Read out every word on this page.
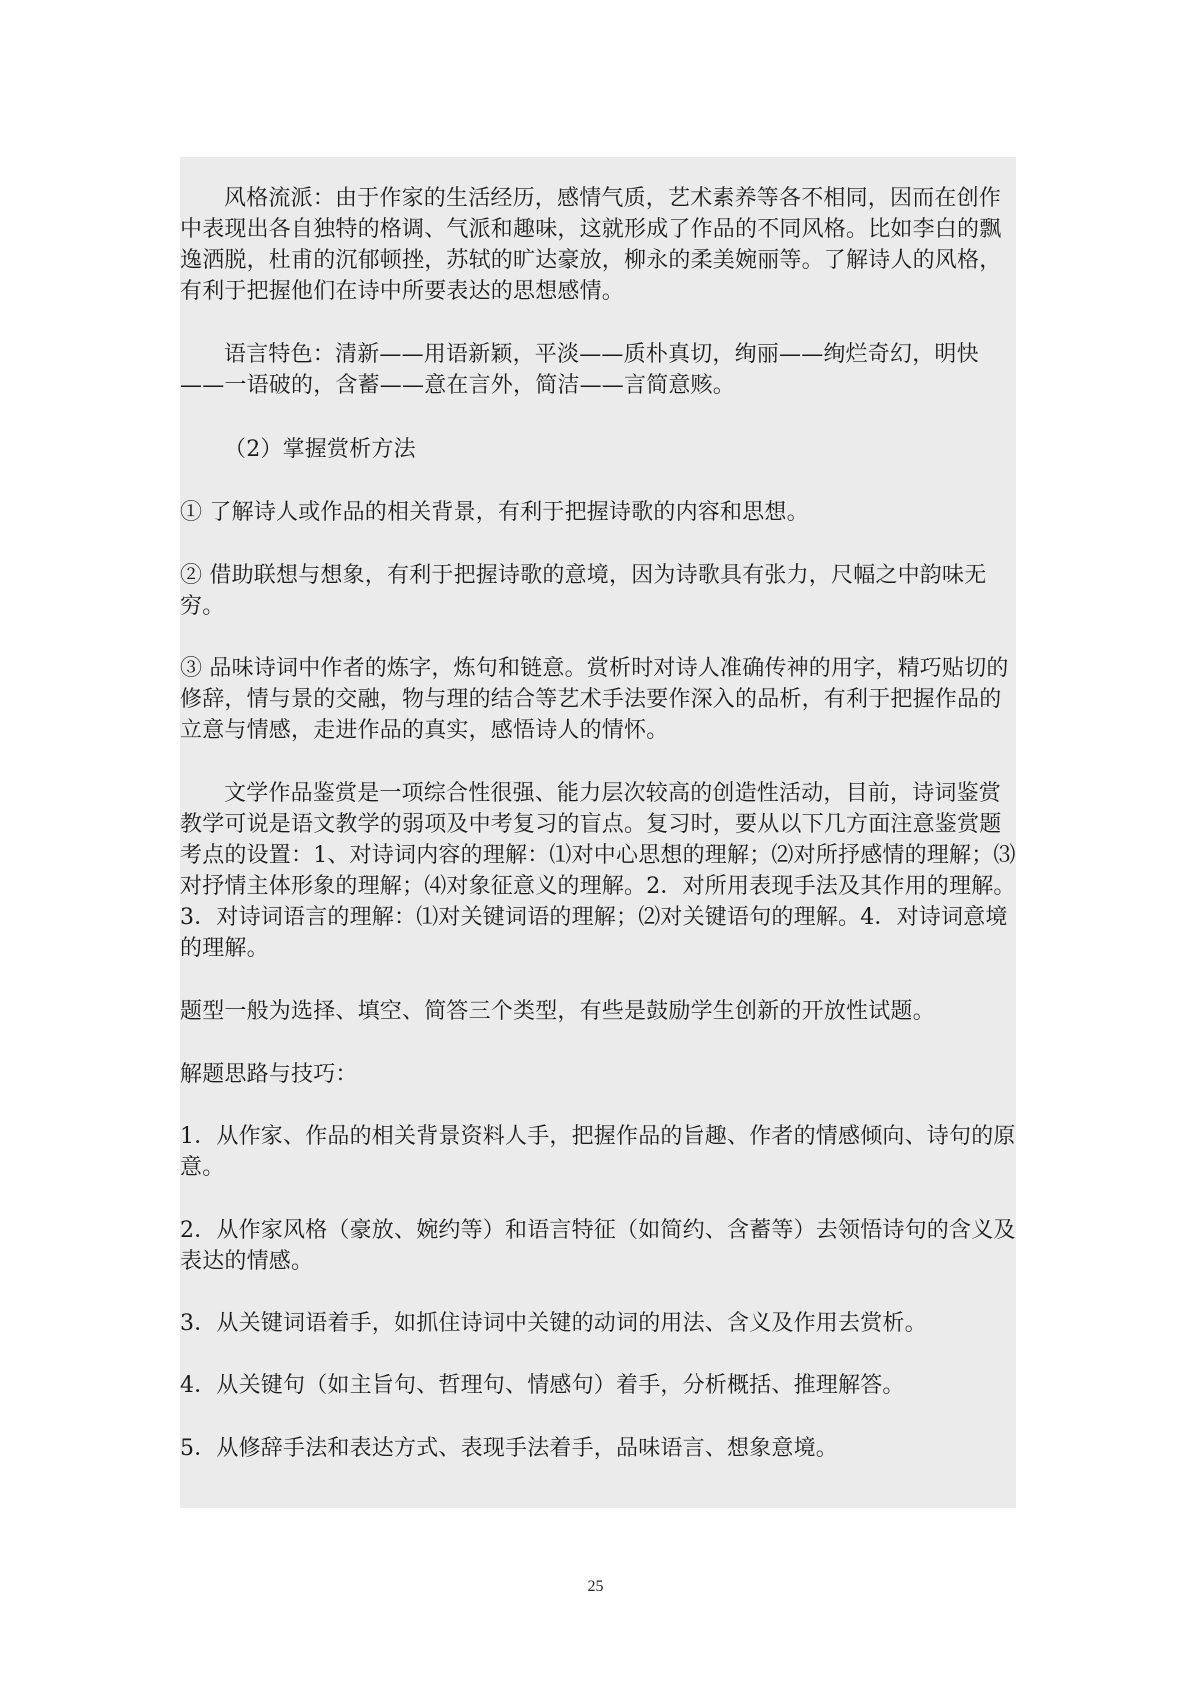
风格流派：由于作家的生活经历，感情气质，艺术素养等各不相同，因而在创作中表现出各自独特的格调、气派和趣味，这就形成了作品的不同风格。比如李白的飘逸洒脱，杜甫的沉郁顿挫，苏轼的旷达豪放，柳永的柔美婉丽等。了解诗人的风格，有利于把握他们在诗中所要表达的思想感情。

语言特色：清新——用语新颖，平淡——质朴真切，绚丽——绚烂奇幻，明快——一语破的，含蓄——意在言外，简洁——言简意赅。

（2）掌握赏析方法

① 了解诗人或作品的相关背景，有利于把握诗歌的内容和思想。

② 借助联想与想象，有利于把握诗歌的意境，因为诗歌具有张力，尺幅之中韵味无穷。

③ 品味诗词中作者的炼字，炼句和链意。赏析时对诗人准确传神的用字，精巧贴切的修辞，情与景的交融，物与理的结合等艺术手法要作深入的品析，有利于把握作品的立意与情感，走进作品的真实，感悟诗人的情怀。

文学作品鉴赏是一项综合性很强、能力层次较高的创造性活动，目前，诗词鉴赏教学可说是语文教学的弱项及中考复习的盲点。复习时，要从以下几方面注意鉴赏题考点的设置：1、对诗词内容的理解：⑴对中心思想的理解；⑵对所抒感情的理解；⑶对抒情主体形象的理解；⑷对象征意义的理解。2．对所用表现手法及其作用的理解。3．对诗词语言的理解：⑴对关键词语的理解；⑵对关键语句的理解。4．对诗词意境的理解。

题型一般为选择、填空、简答三个类型，有些是鼓励学生创新的开放性试题。

解题思路与技巧：

1．从作家、作品的相关背景资料人手，把握作品的旨趣、作者的情感倾向、诗句的原意。

2．从作家风格（豪放、婉约等）和语言特征（如简约、含蓄等）去领悟诗句的含义及表达的情感。

3．从关键词语着手，如抓住诗词中关键的动词的用法、含义及作用去赏析。

4．从关键句（如主旨句、哲理句、情感句）着手，分析概括、推理解答。

5．从修辞手法和表达方式、表现手法着手，品味语言、想象意境。

25
